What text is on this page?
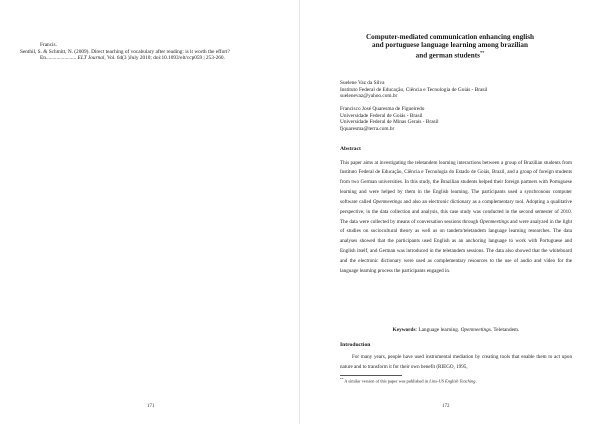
Francis.
Senthil, S. & Schmitt, N. (2009). Direct teaching of vocabulary after reading: is it worth the effort?
En....................... ELT Journal, Vol. 64(3 )July 2010; doi:10.1093/elt/ccp059 | 253-260.
171
Computer-mediated communication enhancing english
and portuguese language learning among brazilian
and german students**
Suelene Vaz da Silva
Instituto Federal de Educação, Ciência e Tecnologia de Goiás - Brasil
suelenevaz@yahoo.com.br
Francisco José Quaresma de Figueiredo
Universidade Federal de Goiás - Brasil
Universidade Federal de Minas Gerais - Brasil
fjquaresma@terra.com.br
Abstract
This paper aims at investigating the teletandem learning interactions between a group of Brazilian students from Instituto Federal de Educação, Ciência e Tecnologia do Estado de Goiás, Brazil, and a group of foreign students from two German universities. In this study, the Brazilian students helped their foreign partners with Portuguese learning and were helped by them in the English learning. The participants used a synchronous computer software called Openmeetings and also an electronic dictionary as a complementary tool. Adopting a qualitative perspective, in the data collection and analysis, this case study was conducted in the second semester of 2010. The data were collected by means of conversation sessions through Openmeetings and were analyzed in the light of studies on sociocultural theory as well as on tandem/teletandem language learning researches. The data analyses showed that the participants used English as an anchoring language to work with Portuguese and English itself, and German was introduced in the teletandem sessions. The data also showed that the whiteboard and the electronic dictionary were used as complementary resources to the use of audio and video for the language learning process the participants engaged in.
Keywords: Language learning. Openmeetings. Teletandem.
Introduction
For many years, people have used instrumental mediation by creating tools that enable them to act upon nature and to transform it for their own benefit (RIEGO, 1995,
** A similar version of this paper was published in Linx-US English Teaching.
172
